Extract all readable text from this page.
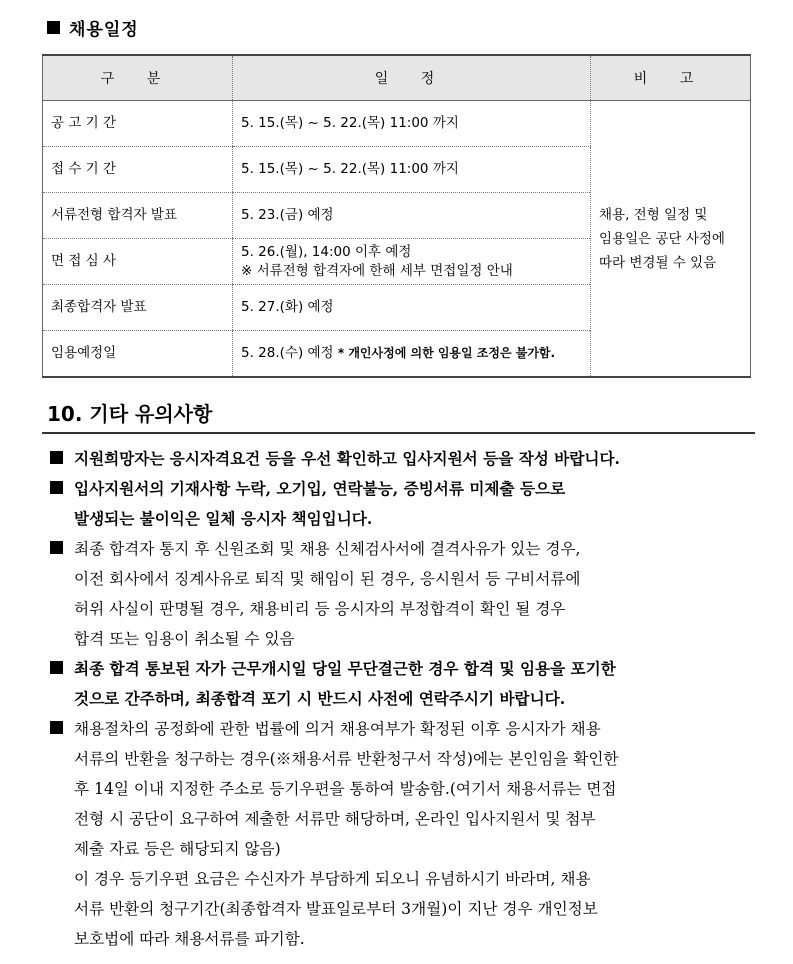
채용일정
구 분	일 정	비 고
공 고 기 간	5. 15.(목) ~ 5. 22.(목) 11:00 까지	채용, 전형 일정 및
임용일은 공단 사정에
따라 변경될 수 있음

접 수 기 간	5. 15.(목) ~ 5. 22.(목) 11:00 까지	
서류전형 합격자 발표	5. 23.(금) 예정	
면 접 심 사	5. 26.(월), 14:00 이후 예정
※ 서류전형 합격자에 한해 세부 면접일정 안내	

최종합격자 발표	5. 27.(화) 예정	
임용예정일	5. 28.(수) 예정 * 개인사정에 의한 임용일 조정은 불가함.	
10. 기타 유의사항
지원희망자는 응시자격요건 등을 우선 확인하고 입사지원서 등을 작성 바랍니다.
입사지원서의 기재사항 누락, 오기입, 연락불능, 증빙서류 미제출 등으로
발생되는 불이익은 일체 응시자 책임입니다.
최종 합격자 통지 후 신원조회 및 채용 신체검사서에 결격사유가 있는 경우,
이전 회사에서 징계사유로 퇴직 및 해임이 된 경우, 응시원서 등 구비서류에
허위 사실이 판명될 경우, 채용비리 등 응시자의 부정합격이 확인 될 경우
합격 또는 임용이 취소될 수 있음
최종 합격 통보된 자가 근무개시일 당일 무단결근한 경우 합격 및 임용을 포기한
것으로 간주하며, 최종합격 포기 시 반드시 사전에 연락주시기 바랍니다.
채용절차의 공정화에 관한 법률에 의거 채용여부가 확정된 이후 응시자가 채용
서류의 반환을 청구하는 경우(※채용서류 반환청구서 작성)에는 본인임을 확인한
후 14일 이내 지정한 주소로 등기우편을 통하여 발송함.(여기서 채용서류는 면접
전형 시 공단이 요구하여 제출한 서류만 해당하며, 온라인 입사지원서 및 첨부
제출 자료 등은 해당되지 않음)
이 경우 등기우편 요금은 수신자가 부담하게 되오니 유념하시기 바라며, 채용
서류 반환의 청구기간(최종합격자 발표일로부터 3개월)이 지난 경우 개인정보
보호법에 따라 채용서류를 파기함.
